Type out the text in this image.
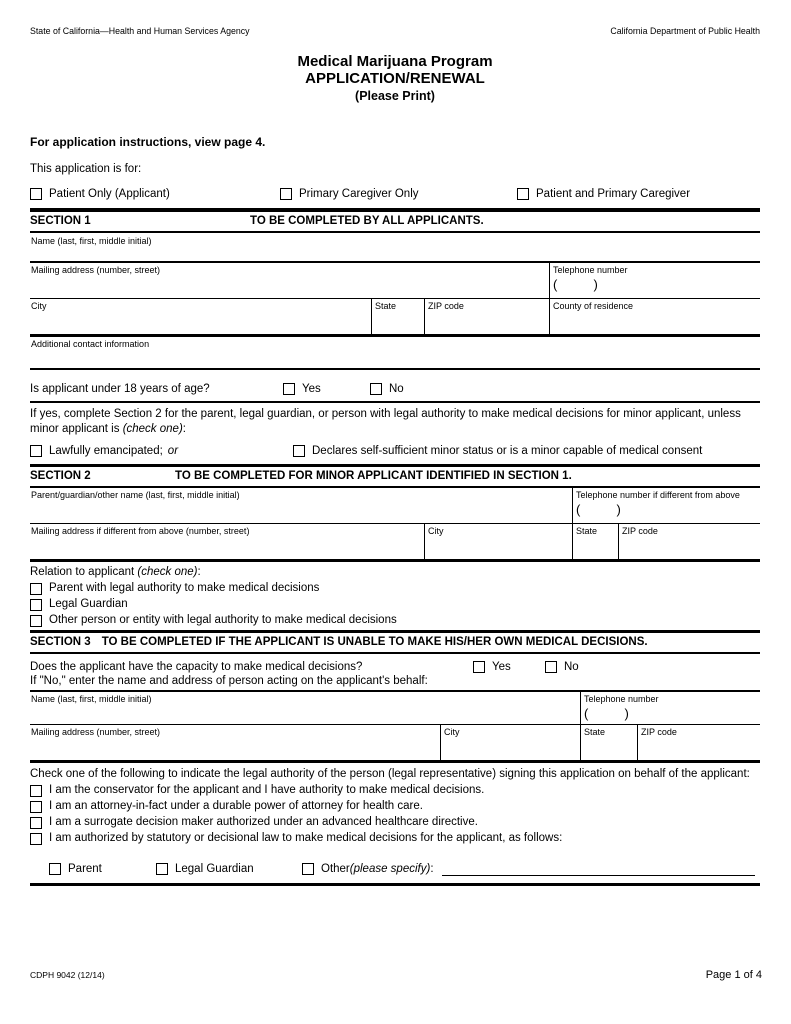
State of California—Health and Human Services Agency	California Department of Public Health
Medical Marijuana Program
APPLICATION/RENEWAL
(Please Print)
For application instructions, view page 4.
This application is for:
Patient Only (Applicant)	Primary Caregiver Only	Patient and Primary Caregiver
SECTION 1	TO BE COMPLETED BY ALL APPLICANTS.
Name (last, first, middle initial)
Mailing address (number, street)	Telephone number
(          )
City	State	ZIP code	County of residence
Additional contact information
Is applicant under 18 years of age?	Yes	No
If yes, complete Section 2 for the parent, legal guardian, or person with legal authority to make medical decisions for minor applicant, unless minor applicant is (check one):
Lawfully emancipated; or	Declares self-sufficient minor status or is a minor capable of medical consent
SECTION 2	TO BE COMPLETED FOR MINOR APPLICANT IDENTIFIED IN SECTION 1.
Parent/guardian/other name (last, first, middle initial)	Telephone number if different from above
(          )
Mailing address if different from above (number, street)	City	State	ZIP code
Relation to applicant (check one):
Parent with legal authority to make medical decisions
Legal Guardian
Other person or entity with legal authority to make medical decisions
SECTION 3 TO BE COMPLETED IF THE APPLICANT IS UNABLE TO MAKE HIS/HER OWN MEDICAL DECISIONS.
Does the applicant have the capacity to make medical decisions?	Yes	No
If "No," enter the name and address of person acting on the applicant's behalf:
Name (last, first, middle initial)	Telephone number
(          )
Mailing address (number, street)	City	State	ZIP code
Check one of the following to indicate the legal authority of the person (legal representative) signing this application on behalf of the applicant:
I am the conservator for the applicant and I have authority to make medical decisions.
I am an attorney-in-fact under a durable power of attorney for health care.
I am a surrogate decision maker authorized under an advanced healthcare directive.
I am authorized by statutory or decisional law to make medical decisions for the applicant, as follows:
Parent	Legal Guardian	Other (please specify) :
CDPH 9042 (12/14)	Page 1 of 4
